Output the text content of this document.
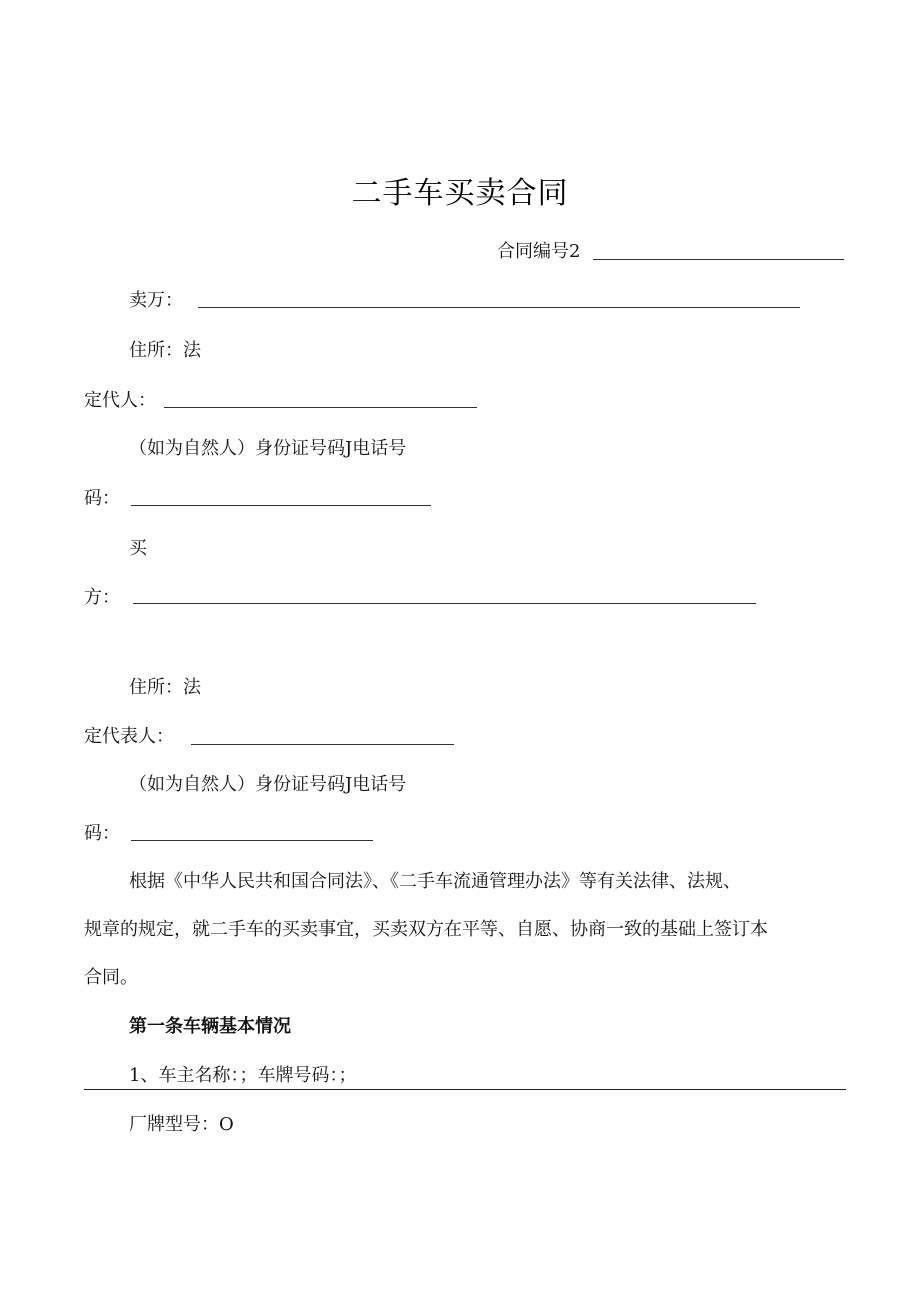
二手车买卖合同
合同编号2
卖万：
住所：法
定代人：
（如为自然人）身份证号码J电话号
码：
买
方：
住所：法
定代表人：
（如为自然人）身份证号码J电话号
码：
根据《中华人民共和国合同法》、《二手车流通管理办法》等有关法律、法规、
规章的规定，就二手车的买卖事宜，买卖双方在平等、自愿、协商一致的基础上签订本
合同。
第一条车辆基本情况
1、车主名称：；车牌号码：；
厂牌型号：O
